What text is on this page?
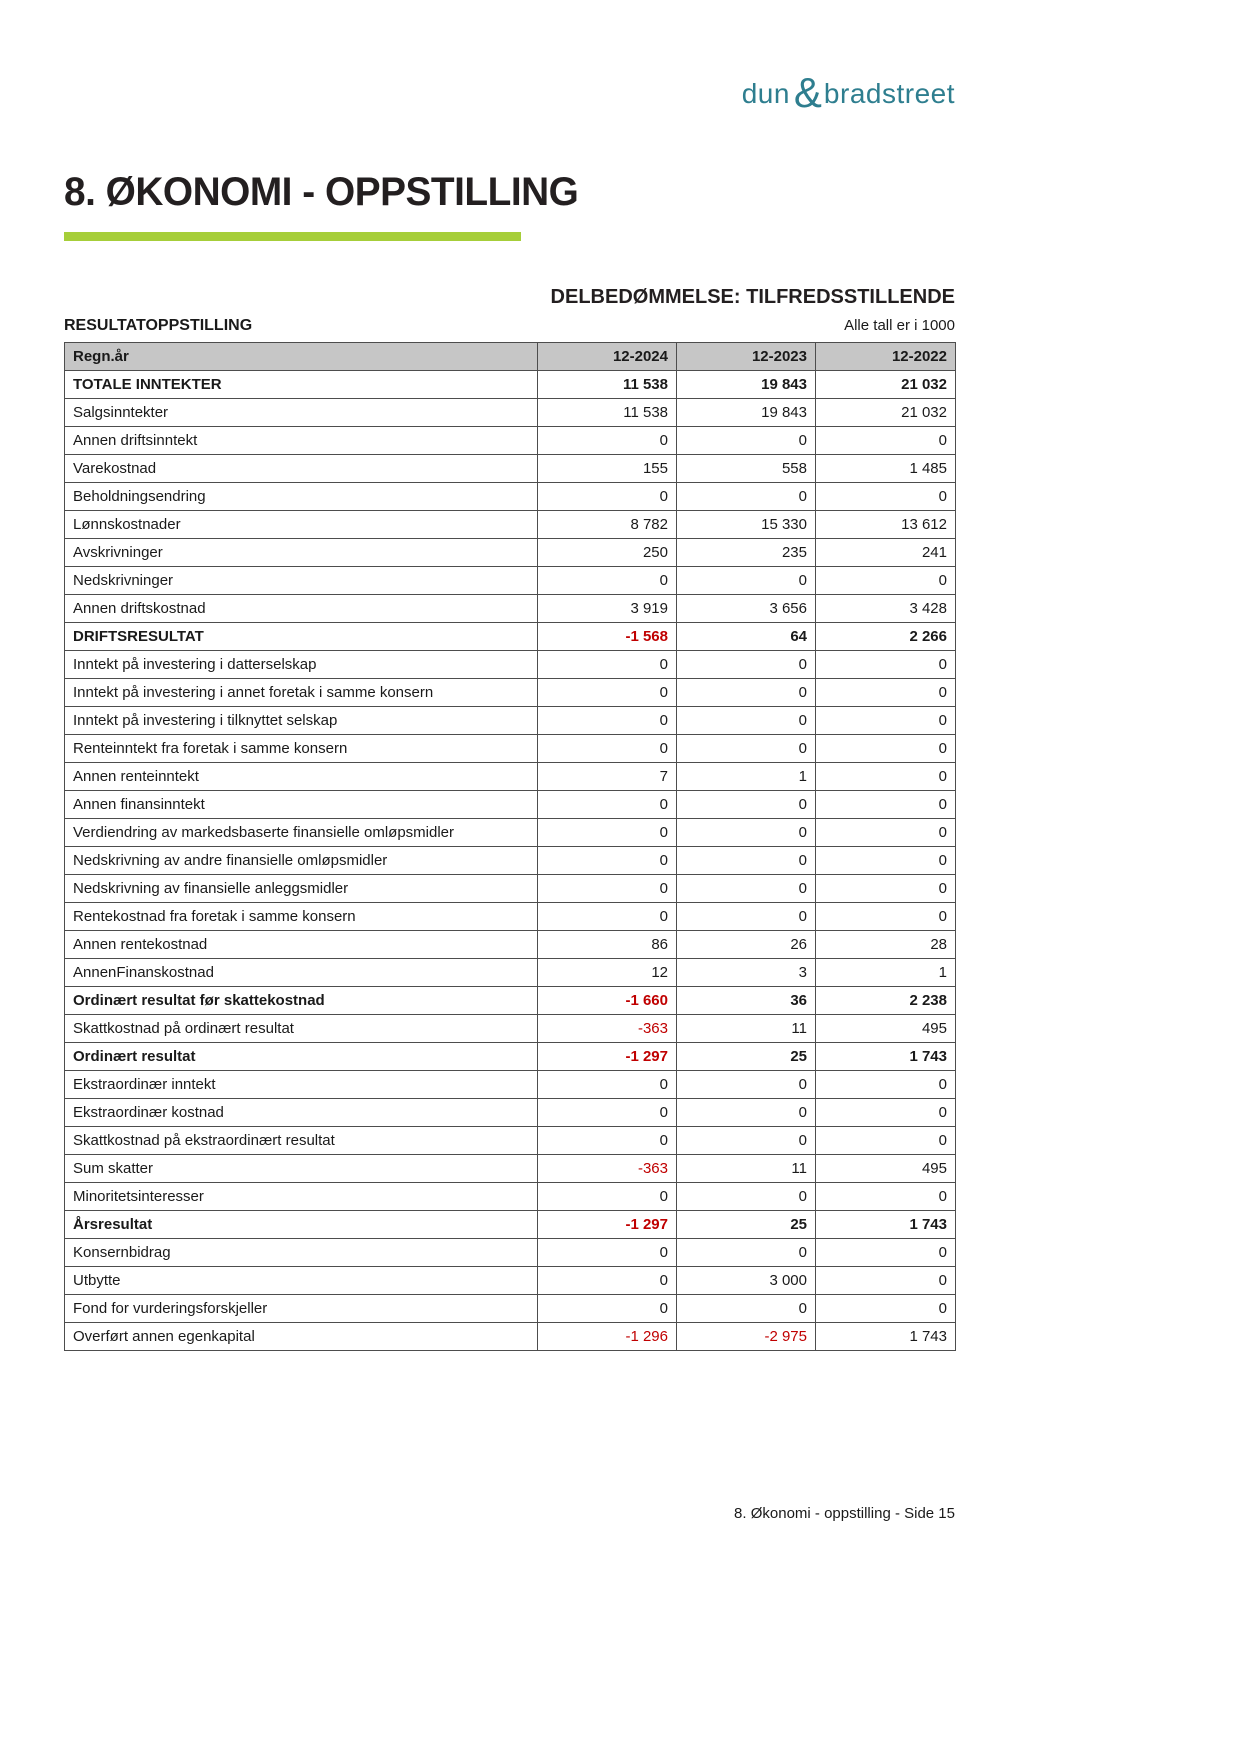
dun & bradstreet
8. ØKONOMI - OPPSTILLING
DELBEDØMMELSE: TILFREDSSTILLENDE
RESULTATOPPSTILLING	Alle tall er i 1000
Regn.år	12-2024	12-2023	12-2022
TOTALE INNTEKTER	11 538	19 843	21 032
Salgsinntekter	11 538	19 843	21 032
Annen driftsinntekt	0	0	0
Varekostnad	155	558	1 485
Beholdningsendring	0	0	0
Lønnskostnader	8 782	15 330	13 612
Avskrivninger	250	235	241
Nedskrivninger	0	0	0
Annen driftskostnad	3 919	3 656	3 428
DRIFTSRESULTAT	-1 568	64	2 266
Inntekt på investering i datterselskap	0	0	0
Inntekt på investering i annet foretak i samme konsern	0	0	0
Inntekt på investering i tilknyttet selskap	0	0	0
Renteinntekt fra foretak i samme konsern	0	0	0
Annen renteinntekt	7	1	0
Annen finansinntekt	0	0	0
Verdiendring av markedsbaserte finansielle omløpsmidler	0	0	0
Nedskrivning av andre finansielle omløpsmidler	0	0	0
Nedskrivning av finansielle anleggsmidler	0	0	0
Rentekostnad fra foretak i samme konsern	0	0	0
Annen rentekostnad	86	26	28
AnnenFinanskostnad	12	3	1
Ordinært resultat før skattekostnad	-1 660	36	2 238
Skattkostnad på ordinært resultat	-363	11	495
Ordinært resultat	-1 297	25	1 743
Ekstraordinær inntekt	0	0	0
Ekstraordinær kostnad	0	0	0
Skattkostnad på ekstraordinært resultat	0	0	0
Sum skatter	-363	11	495
Minoritetsinteresser	0	0	0
Årsresultat	-1 297	25	1 743
Konsernbidrag	0	0	0
Utbytte	0	3 000	0
Fond for vurderingsforskjeller	0	0	0
Overført annen egenkapital	-1 296	-2 975	1 743
8. Økonomi - oppstilling - Side 15
